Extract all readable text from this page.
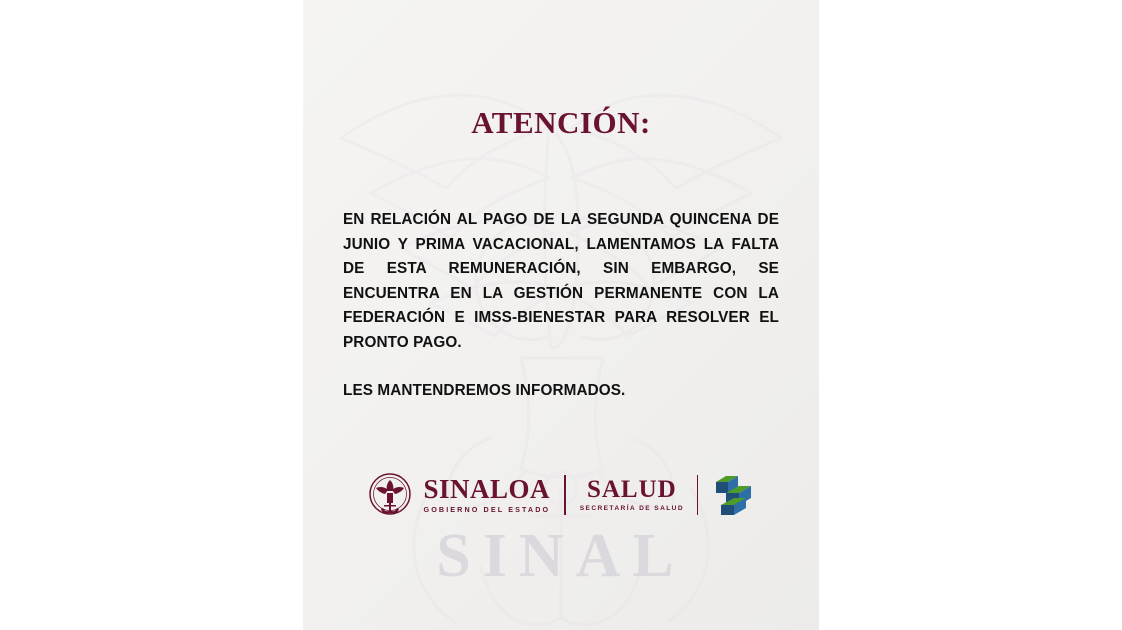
SINAL
ATENCIÓN:

EN RELACIÓN AL PAGO DE LA SEGUNDA QUINCENA DE JUNIO Y PRIMA VACACIONAL, LAMENTAMOS LA FALTA DE ESTA REMUNERACIÓN, SIN EMBARGO, SE ENCUENTRA EN LA GESTIÓN PERMANENTE CON LA FEDERACIÓN E IMSS-BIENESTAR PARA RESOLVER EL PRONTO PAGO.

LES MANTENDREMOS INFORMADOS.

SINALOA
GOBIERNO DEL ESTADO
SALUD
SECRETARÍA DE SALUD
